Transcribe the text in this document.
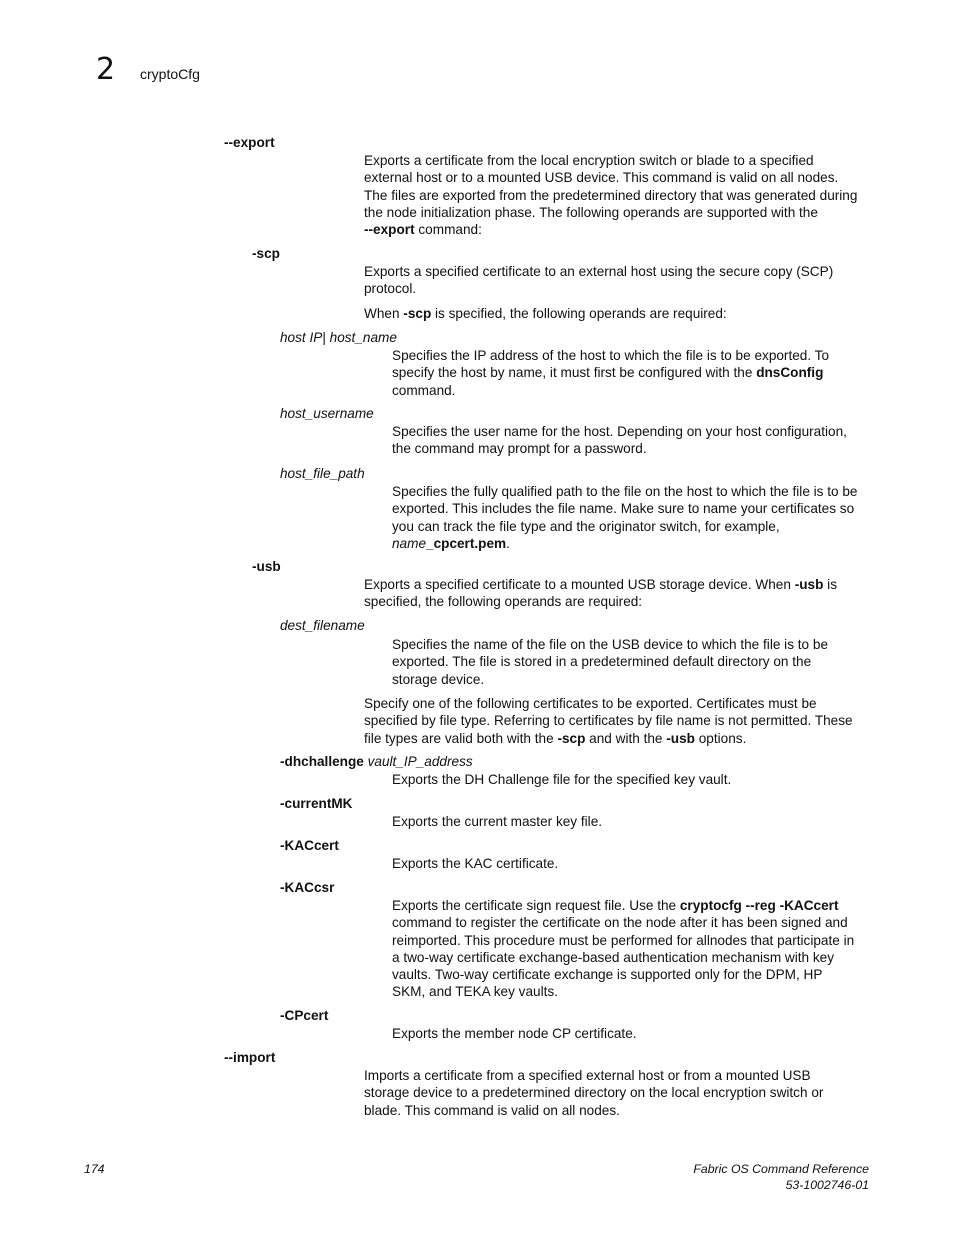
2 cryptoCfg
--export
Exports a certificate from the local encryption switch or blade to a specified
external host or to a mounted USB device. This command is valid on all nodes.
The files are exported from the predetermined directory that was generated during
the node initialization phase. The following operands are supported with the
--export command:
-scp
Exports a specified certificate to an external host using the secure copy (SCP)
protocol.
When -scp is specified, the following operands are required:
host IP| host_name
Specifies the IP address of the host to which the file is to be exported. To
specify the host by name, it must first be configured with the dnsConfig
command.
host_username
Specifies the user name for the host. Depending on your host configuration,
the command may prompt for a password.
host_file_path
Specifies the fully qualified path to the file on the host to which the file is to be
exported. This includes the file name. Make sure to name your certificates so
you can track the file type and the originator switch, for example,
name_cpcert.pem.
-usb
Exports a specified certificate to a mounted USB storage device. When -usb is
specified, the following operands are required:
dest_filename
Specifies the name of the file on the USB device to which the file is to be
exported. The file is stored in a predetermined default directory on the
storage device.
Specify one of the following certificates to be exported. Certificates must be
specified by file type. Referring to certificates by file name is not permitted. These
file types are valid both with the -scp and with the -usb options.
-dhchallenge vault_IP_address
Exports the DH Challenge file for the specified key vault.
-currentMK
Exports the current master key file.
-KACcert
Exports the KAC certificate.
-KACcsr
Exports the certificate sign request file. Use the cryptocfg --reg -KACcert
command to register the certificate on the node after it has been signed and
reimported. This procedure must be performed for allnodes that participate in
a two-way certificate exchange-based authentication mechanism with key
vaults. Two-way certificate exchange is supported only for the DPM, HP
SKM, and TEKA key vaults.
-CPcert
Exports the member node CP certificate.
--import
Imports a certificate from a specified external host or from a mounted USB
storage device to a predetermined directory on the local encryption switch or
blade. This command is valid on all nodes.
174	Fabric OS Command Reference
53-1002746-01
